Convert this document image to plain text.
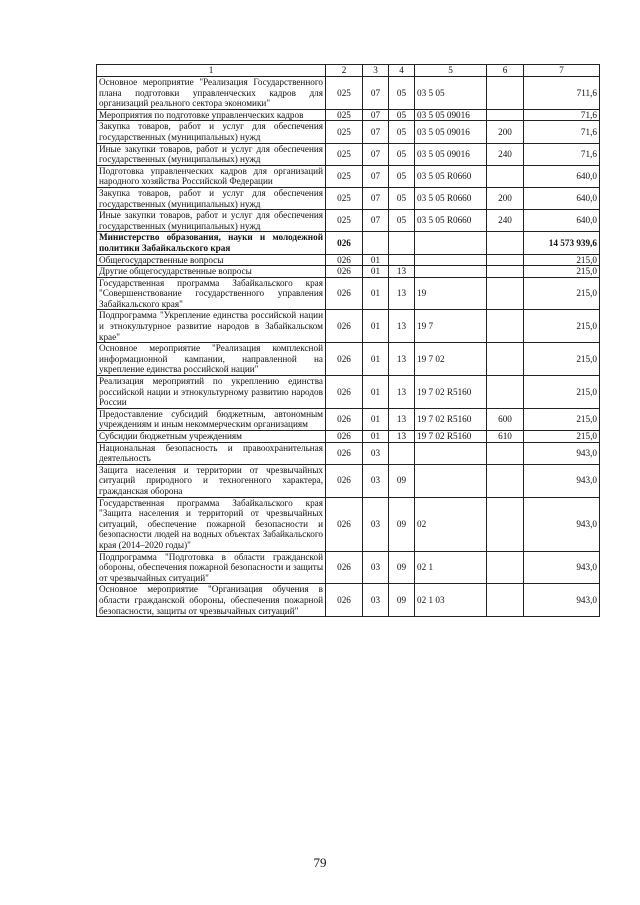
1	2	3	4	5	6	7
Основное мероприятие "Реализация Государственного плана подготовки управленческих кадров для организаций реального сектора экономики"	025	07	05	03 5 05		711,6
Мероприятия по подготовке управленческих кадров	025	07	05	03 5 05 09016		71,6
Закупка товаров, работ и услуг для обеспечения государственных (муниципальных) нужд	025	07	05	03 5 05 09016	200	71,6
Иные закупки товаров, работ и услуг для обеспечения государственных (муниципальных) нужд	025	07	05	03 5 05 09016	240	71,6
Подготовка управленческих кадров для организаций народного хозяйства Российской Федерации	025	07	05	03 5 05 R0660		640,0
Закупка товаров, работ и услуг для обеспечения государственных (муниципальных) нужд	025	07	05	03 5 05 R0660	200	640,0
Иные закупки товаров, работ и услуг для обеспечения государственных (муниципальных) нужд	025	07	05	03 5 05 R0660	240	640,0
Министерство образования, науки и молодежной политики Забайкальского края	026					14 573 939,6
Общегосударственные вопросы	026	01				215,0
Другие общегосударственные вопросы	026	01	13			215,0
Государственная программа Забайкальского края "Совершенствование государственного управления Забайкальского края"	026	01	13	19		215,0
Подпрограмма "Укрепление единства российской нации и этнокультурное развитие народов в Забайкальском крае"	026	01	13	19 7		215,0
Основное мероприятие "Реализация комплексной информационной кампании, направленной на укрепление единства российской нации"	026	01	13	19 7 02		215,0
Реализация мероприятий по укреплению единства российской нации и этнокультурному развитию народов России	026	01	13	19 7 02 R5160		215,0
Предоставление субсидий бюджетным, автономным учреждениям и иным некоммерческим организациям	026	01	13	19 7 02 R5160	600	215,0
Субсидии бюджетным учреждениям	026	01	13	19 7 02 R5160	610	215,0
Национальная безопасность и правоохранительная деятельность	026	03				943,0
Защита населения и территории от чрезвычайных ситуаций природного и техногенного характера, гражданская оборона	026	03	09			943,0
Государственная программа Забайкальского края "Защита населения и территорий от чрезвычайных ситуаций, обеспечение пожарной безопасности и безопасности людей на водных объектах Забайкальского края (2014–2020 годы)"	026	03	09	02		943,0
Подпрограмма "Подготовка в области гражданской обороны, обеспечения пожарной безопасности и защиты от чрезвычайных ситуаций"	026	03	09	02 1		943,0
Основное мероприятие "Организация обучения в области гражданской обороны, обеспечения пожарной безопасности, защиты от чрезвычайных ситуаций"	026	03	09	02 1 03		943,0
79
